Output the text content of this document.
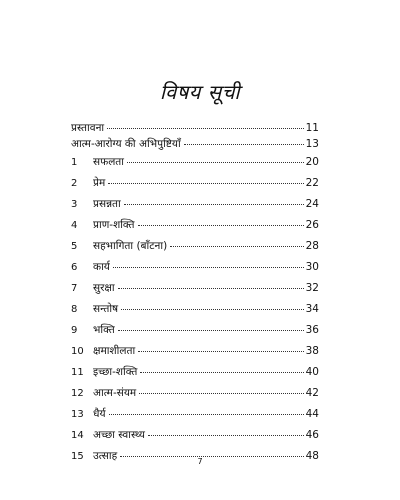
विषय सूची
प्रस्तावना	11
आत्म-आरोग्य की अभिपुष्टियाँ	13
1	सफलता	20
2	प्रेम	22
3	प्रसन्नता	24
4	प्राण-शक्ति	26
5	सहभागिता (बाँटना)	28
6	कार्य	30
7	सुरक्षा	32
8	सन्तोष	34
9	भक्ति	36
10 क्षमाशीलता	38
11 इच्छा-शक्ति	40
12 आत्म-संयम	42
13 धैर्य	44
14 अच्छा स्वास्थ्य	46
15 उत्साह	48
7
